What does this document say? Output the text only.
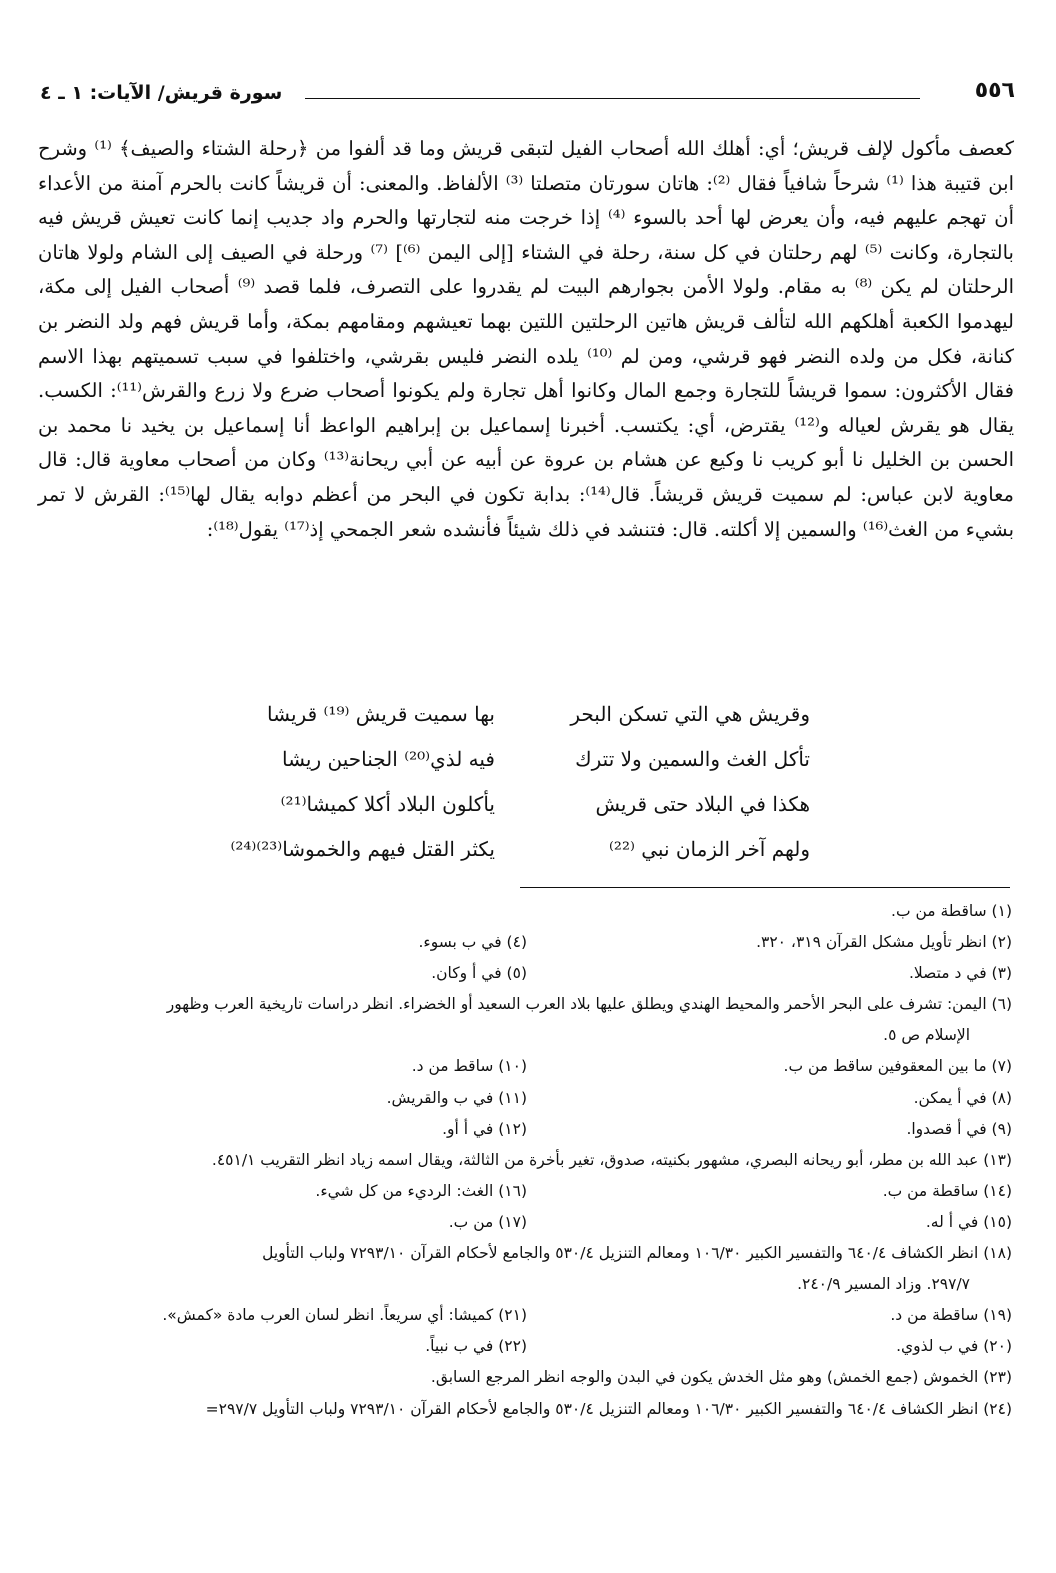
٥٥٦
سورة قريش/ الآيات: ١ ـ ٤

كعصف مأكول لإلف قريش؛ أي: أهلك الله أصحاب الفيل لتبقى قريش وما قد ألفوا من ﴿رحلة الشتاء والصيف﴾ ⁽¹⁾ وشرح ابن قتيبة هذا ⁽¹⁾ شرحاً شافياً فقال ⁽²⁾: هاتان سورتان متصلتا ⁽³⁾ الألفاظ. والمعنى: أن قريشاً كانت بالحرم آمنة من الأعداء أن تهجم عليهم فيه، وأن يعرض لها أحد بالسوء ⁽⁴⁾ إذا خرجت منه لتجارتها والحرم واد جديب إنما كانت تعيش قريش فيه بالتجارة، وكانت ⁽⁵⁾ لهم رحلتان في كل سنة، رحلة في الشتاء [إلى اليمن ⁽⁶⁾] ⁽⁷⁾ ورحلة في الصيف إلى الشام ولولا هاتان الرحلتان لم يكن ⁽⁸⁾ به مقام. ولولا الأمن بجوارهم البيت لم يقدروا على التصرف، فلما قصد ⁽⁹⁾ أصحاب الفيل إلى مكة، ليهدموا الكعبة أهلكهم الله لتألف قريش هاتين الرحلتين اللتين بهما تعيشهم ومقامهم بمكة، وأما قريش فهم ولد النضر بن كنانة، فكل من ولده النضر فهو قرشي، ومن لم ⁽¹⁰⁾ يلده النضر فليس بقرشي، واختلفوا في سبب تسميتهم بهذا الاسم فقال الأكثرون: سموا قريشاً للتجارة وجمع المال وكانوا أهل تجارة ولم يكونوا أصحاب ضرع ولا زرع والقرش⁽¹¹⁾: الكسب. يقال هو يقرش لعياله و⁽¹²⁾ يقترض، أي: يكتسب. أخبرنا إسماعيل بن إبراهيم الواعظ أنا إسماعيل بن يخيد نا محمد بن الحسن بن الخليل نا أبو كريب نا وكيع عن هشام بن عروة عن أبيه عن أبي ريحانة⁽¹³⁾ وكان من أصحاب معاوية قال: قال معاوية لابن عباس: لم سميت قريش قريشاً. قال⁽¹⁴⁾: بدابة تكون في البحر من أعظم دوابه يقال لها⁽¹⁵⁾: القرش لا تمر بشيء من الغث⁽¹⁶⁾ والسمين إلا أكلته. قال: فتنشد في ذلك شيئاً فأنشده شعر الجمحي إذ⁽¹⁷⁾ يقول⁽¹⁸⁾:

وقريش هي التي تسكن البحر
بها سميت قريش ⁽¹⁹⁾ قريشا
تأكل الغث والسمين ولا تترك
فيه لذي⁽²⁰⁾ الجناحين ريشا
هكذا في البلاد حتى قريش
يأكلون البلاد أكلا كميشا⁽²¹⁾
ولهم آخر الزمان نبي ⁽²²⁾
يكثر القتل فيهم والخموشا⁽²³⁾⁽²⁴⁾
(١) ساقطة من ب.
(٢) انظر تأويل مشكل القرآن ٣١٩، ٣٢٠.
(٤) في ب بسوء.
(٣) في د متصلا.
(٥) في أ وكان.
(٦) اليمن: تشرف على البحر الأحمر والمحيط الهندي ويطلق عليها بلاد العرب السعيد أو الخضراء. انظر دراسات تاريخية العرب وظهور
الإسلام ص ٥.
(٧) ما بين المعقوفين ساقط من ب.
(١٠) ساقط من د.
(٨) في أ يمكن.
(١١) في ب والقريش.
(٩) في أ قصدوا.
(١٢) في أ أو.
(١٣) عبد الله بن مطر، أبو ريحانه البصري، مشهور بكنيته، صدوق، تغير بأخرة من الثالثة، ويقال اسمه زياد انظر التقريب ٤٥١/١.
(١٤) ساقطة من ب.
(١٦) الغث: الرديء من كل شيء.
(١٥) في أ له.
(١٧) من ب.
(١٨) انظر الكشاف ٦٤٠/٤ والتفسير الكبير ١٠٦/٣٠ ومعالم التنزيل ٥٣٠/٤ والجامع لأحكام القرآن ٧٢٩٣/١٠ ولباب التأويل
٢٩٧/٧. وزاد المسير ٢٤٠/٩.
(١٩) ساقطة من د.
(٢١) كميشا: أي سريعاً. انظر لسان العرب مادة «كمش».
(٢٠) في ب لذوي.
(٢٢) في ب نبياً.
(٢٣) الخموش (جمع الخمش) وهو مثل الخدش يكون في البدن والوجه انظر المرجع السابق.
(٢٤) انظر الكشاف ٦٤٠/٤ والتفسير الكبير ١٠٦/٣٠ ومعالم التنزيل ٥٣٠/٤ والجامع لأحكام القرآن ٧٢٩٣/١٠ ولباب التأويل ٢٩٧/٧=
